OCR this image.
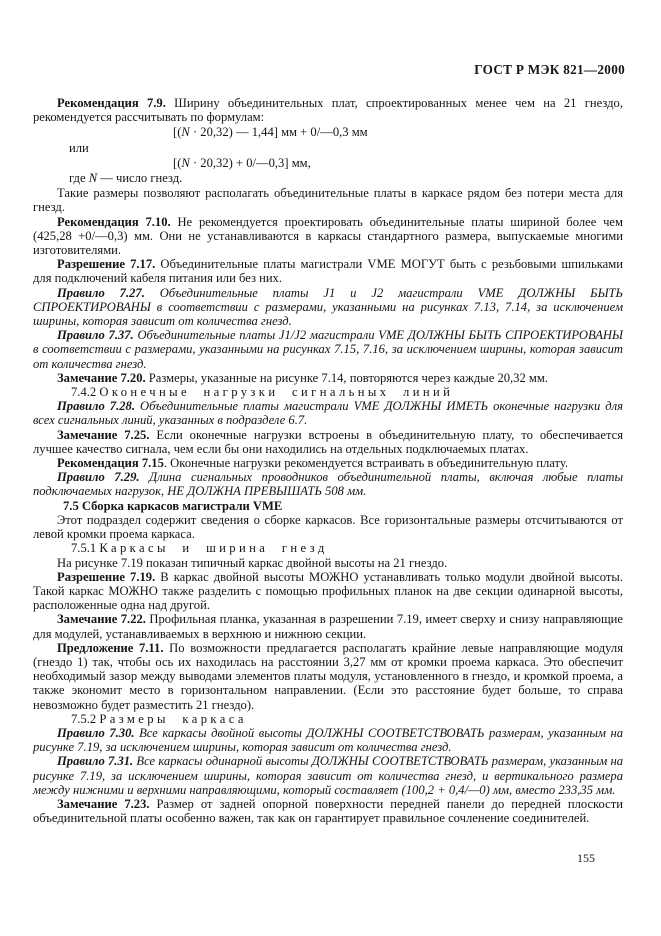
ГОСТ Р МЭК 821—2000

Рекомендация 7.9. Ширину объединительных плат, спроектированных менее чем на 21 гнездо, рекомендуется рассчитывать по формулам:

[(N · 20,32) — 1,44] мм + 0/—0,3 мм

или

[(N · 20,32) + 0/—0,3] мм,

где N — число гнезд.

Такие размеры позволяют располагать объединительные платы в каркасе рядом без потери места для гнезд.

Рекомендация 7.10. Не рекомендуется проектировать объединительные платы шириной более чем (425,28 +0/—0,3) мм. Они не устанавливаются в каркасы стандартного размера, выпускаемые многими изготовителями.

Разрешение 7.17. Объединительные платы магистрали VME МОГУТ быть с резьбовыми шпильками для подключений кабеля питания или без них.

Правило 7.27. Объединительные платы J1 и J2 магистрали VME ДОЛЖНЫ БЫТЬ СПРОЕКТИРОВАНЫ в соответствии с размерами, указанными на рисунках 7.13, 7.14, за исключением ширины, которая зависит от количества гнезд.

Правило 7.37. Объединительные платы J1/J2 магистрали VME ДОЛЖНЫ БЫТЬ СПРОЕКТИРОВАНЫ в соответствии с размерами, указанными на рисунках 7.15, 7.16, за исключением ширины, которая зависит от количества гнезд.

Замечание 7.20. Размеры, указанные на рисунке 7.14, повторяются через каждые 20,32 мм.

7.4.2 Оконечные нагрузки сигнальных линий

Правило 7.28. Объединительные платы магистрали VME ДОЛЖНЫ ИМЕТЬ оконечные нагрузки для всех сигнальных линий, указанных в подразделе 6.7.

Замечание 7.25. Если оконечные нагрузки встроены в объединительную плату, то обеспечивается лучшее качество сигнала, чем если бы они находились на отдельных подключаемых платах.

Рекомендация 7.15. Оконечные нагрузки рекомендуется встраивать в объединительную плату.

Правило 7.29. Длина сигнальных проводников объединительной платы, включая любые платы подключаемых нагрузок, НЕ ДОЛЖНА ПРЕВЫШАТЬ 508 мм.

7.5 Сборка каркасов магистрали VME

Этот подраздел содержит сведения о сборке каркасов. Все горизонтальные размеры отсчитываются от левой кромки проема каркаса.

7.5.1 Каркасы и ширина гнезд

На рисунке 7.19 показан типичный каркас двойной высоты на 21 гнездо.

Разрешение 7.19. В каркас двойной высоты МОЖНО устанавливать только модули двойной высоты. Такой каркас МОЖНО также разделить с помощью профильных планок на две секции одинарной высоты, расположенные одна над другой.

Замечание 7.22. Профильная планка, указанная в разрешении 7.19, имеет сверху и снизу направляющие для модулей, устанавливаемых в верхнюю и нижнюю секции.

Предложение 7.11. По возможности предлагается располагать крайние левые направляющие модуля (гнездо 1) так, чтобы ось их находилась на расстоянии 3,27 мм от кромки проема каркаса. Это обеспечит необходимый зазор между выводами элементов платы модуля, установленного в гнездо, и кромкой проема, а также экономит место в горизонтальном направлении. (Если это расстояние будет больше, то справа невозможно будет разместить 21 гнездо).

7.5.2 Размеры каркаса

Правило 7.30. Все каркасы двойной высоты ДОЛЖНЫ СООТВЕТСТВОВАТЬ размерам, указанным на рисунке 7.19, за исключением ширины, которая зависит от количества гнезд.

Правило 7.31. Все каркасы одинарной высоты ДОЛЖНЫ СООТВЕТСТВОВАТЬ размерам, указанным на рисунке 7.19, за исключением ширины, которая зависит от количества гнезд, и вертикального размера между нижними и верхними направляющими, который составляет (100,2 + 0,4/—0) мм, вместо 233,35 мм.

Замечание 7.23. Размер от задней опорной поверхности передней панели до передней плоскости объединительной платы особенно важен, так как он гарантирует правильное сочленение соединителей.

155
